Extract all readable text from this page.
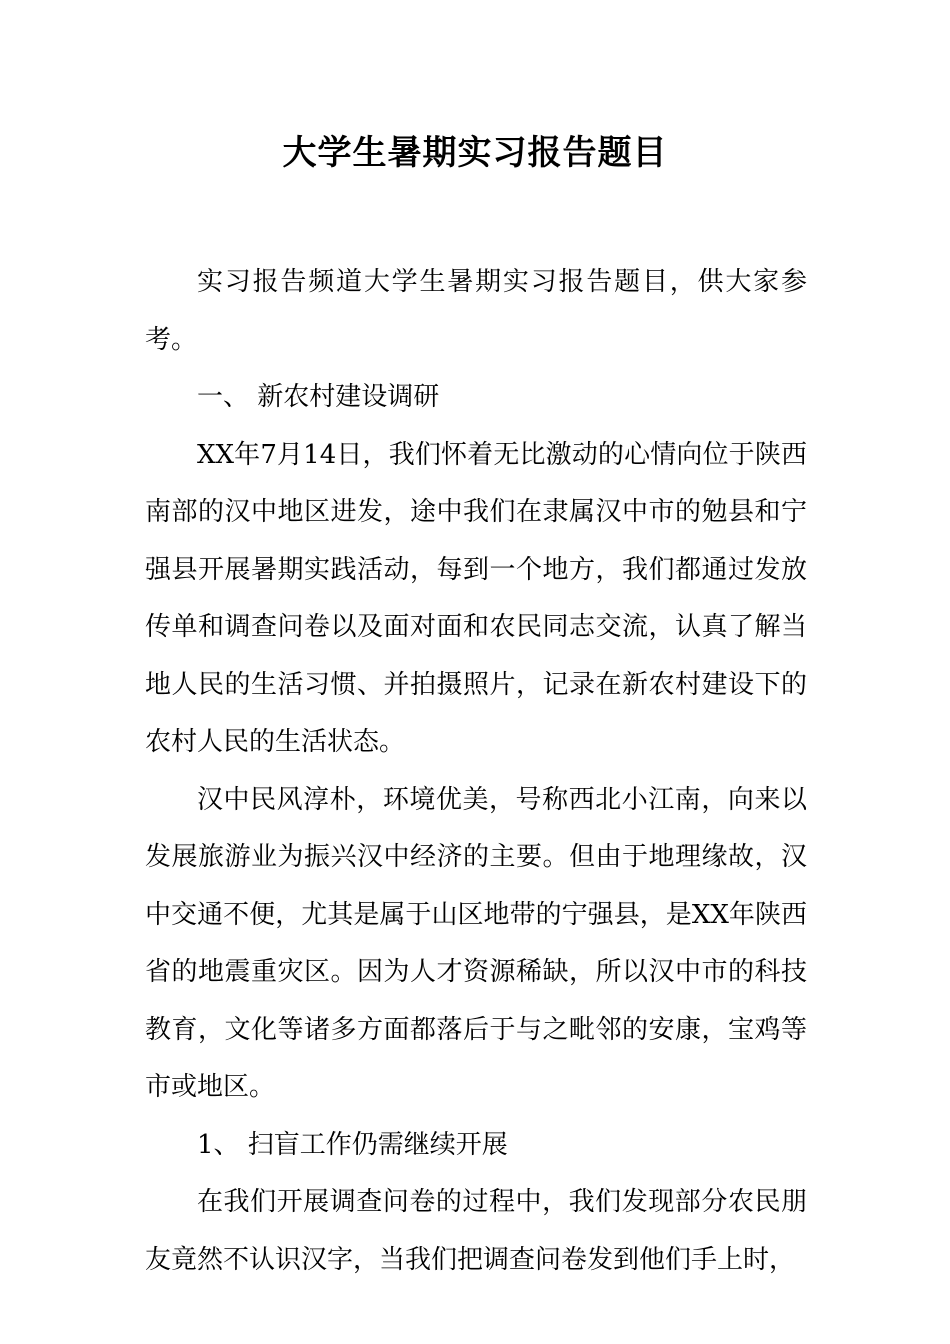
大学生暑期实习报告题目

实习报告频道大学生暑期实习报告题目，供大家参考。

一、 新农村建设调研

XX年7月14日，我们怀着无比激动的心情向位于陕西南部的汉中地区进发，途中我们在隶属汉中市的勉县和宁强县开展暑期实践活动，每到一个地方，我们都通过发放传单和调查问卷以及面对面和农民同志交流，认真了解当地人民的生活习惯、并拍摄照片，记录在新农村建设下的农村人民的生活状态。

汉中民风淳朴，环境优美，号称西北小江南，向来以发展旅游业为振兴汉中经济的主要。但由于地理缘故，汉中交通不便，尤其是属于山区地带的宁强县，是XX年陕西省的地震重灾区。因为人才资源稀缺，所以汉中市的科技教育，文化等诸多方面都落后于与之毗邻的安康，宝鸡等市或地区。

1、 扫盲工作仍需继续开展

在我们开展调查问卷的过程中，我们发现部分农民朋友竟然不认识汉字，当我们把调查问卷发到他们手上时，
